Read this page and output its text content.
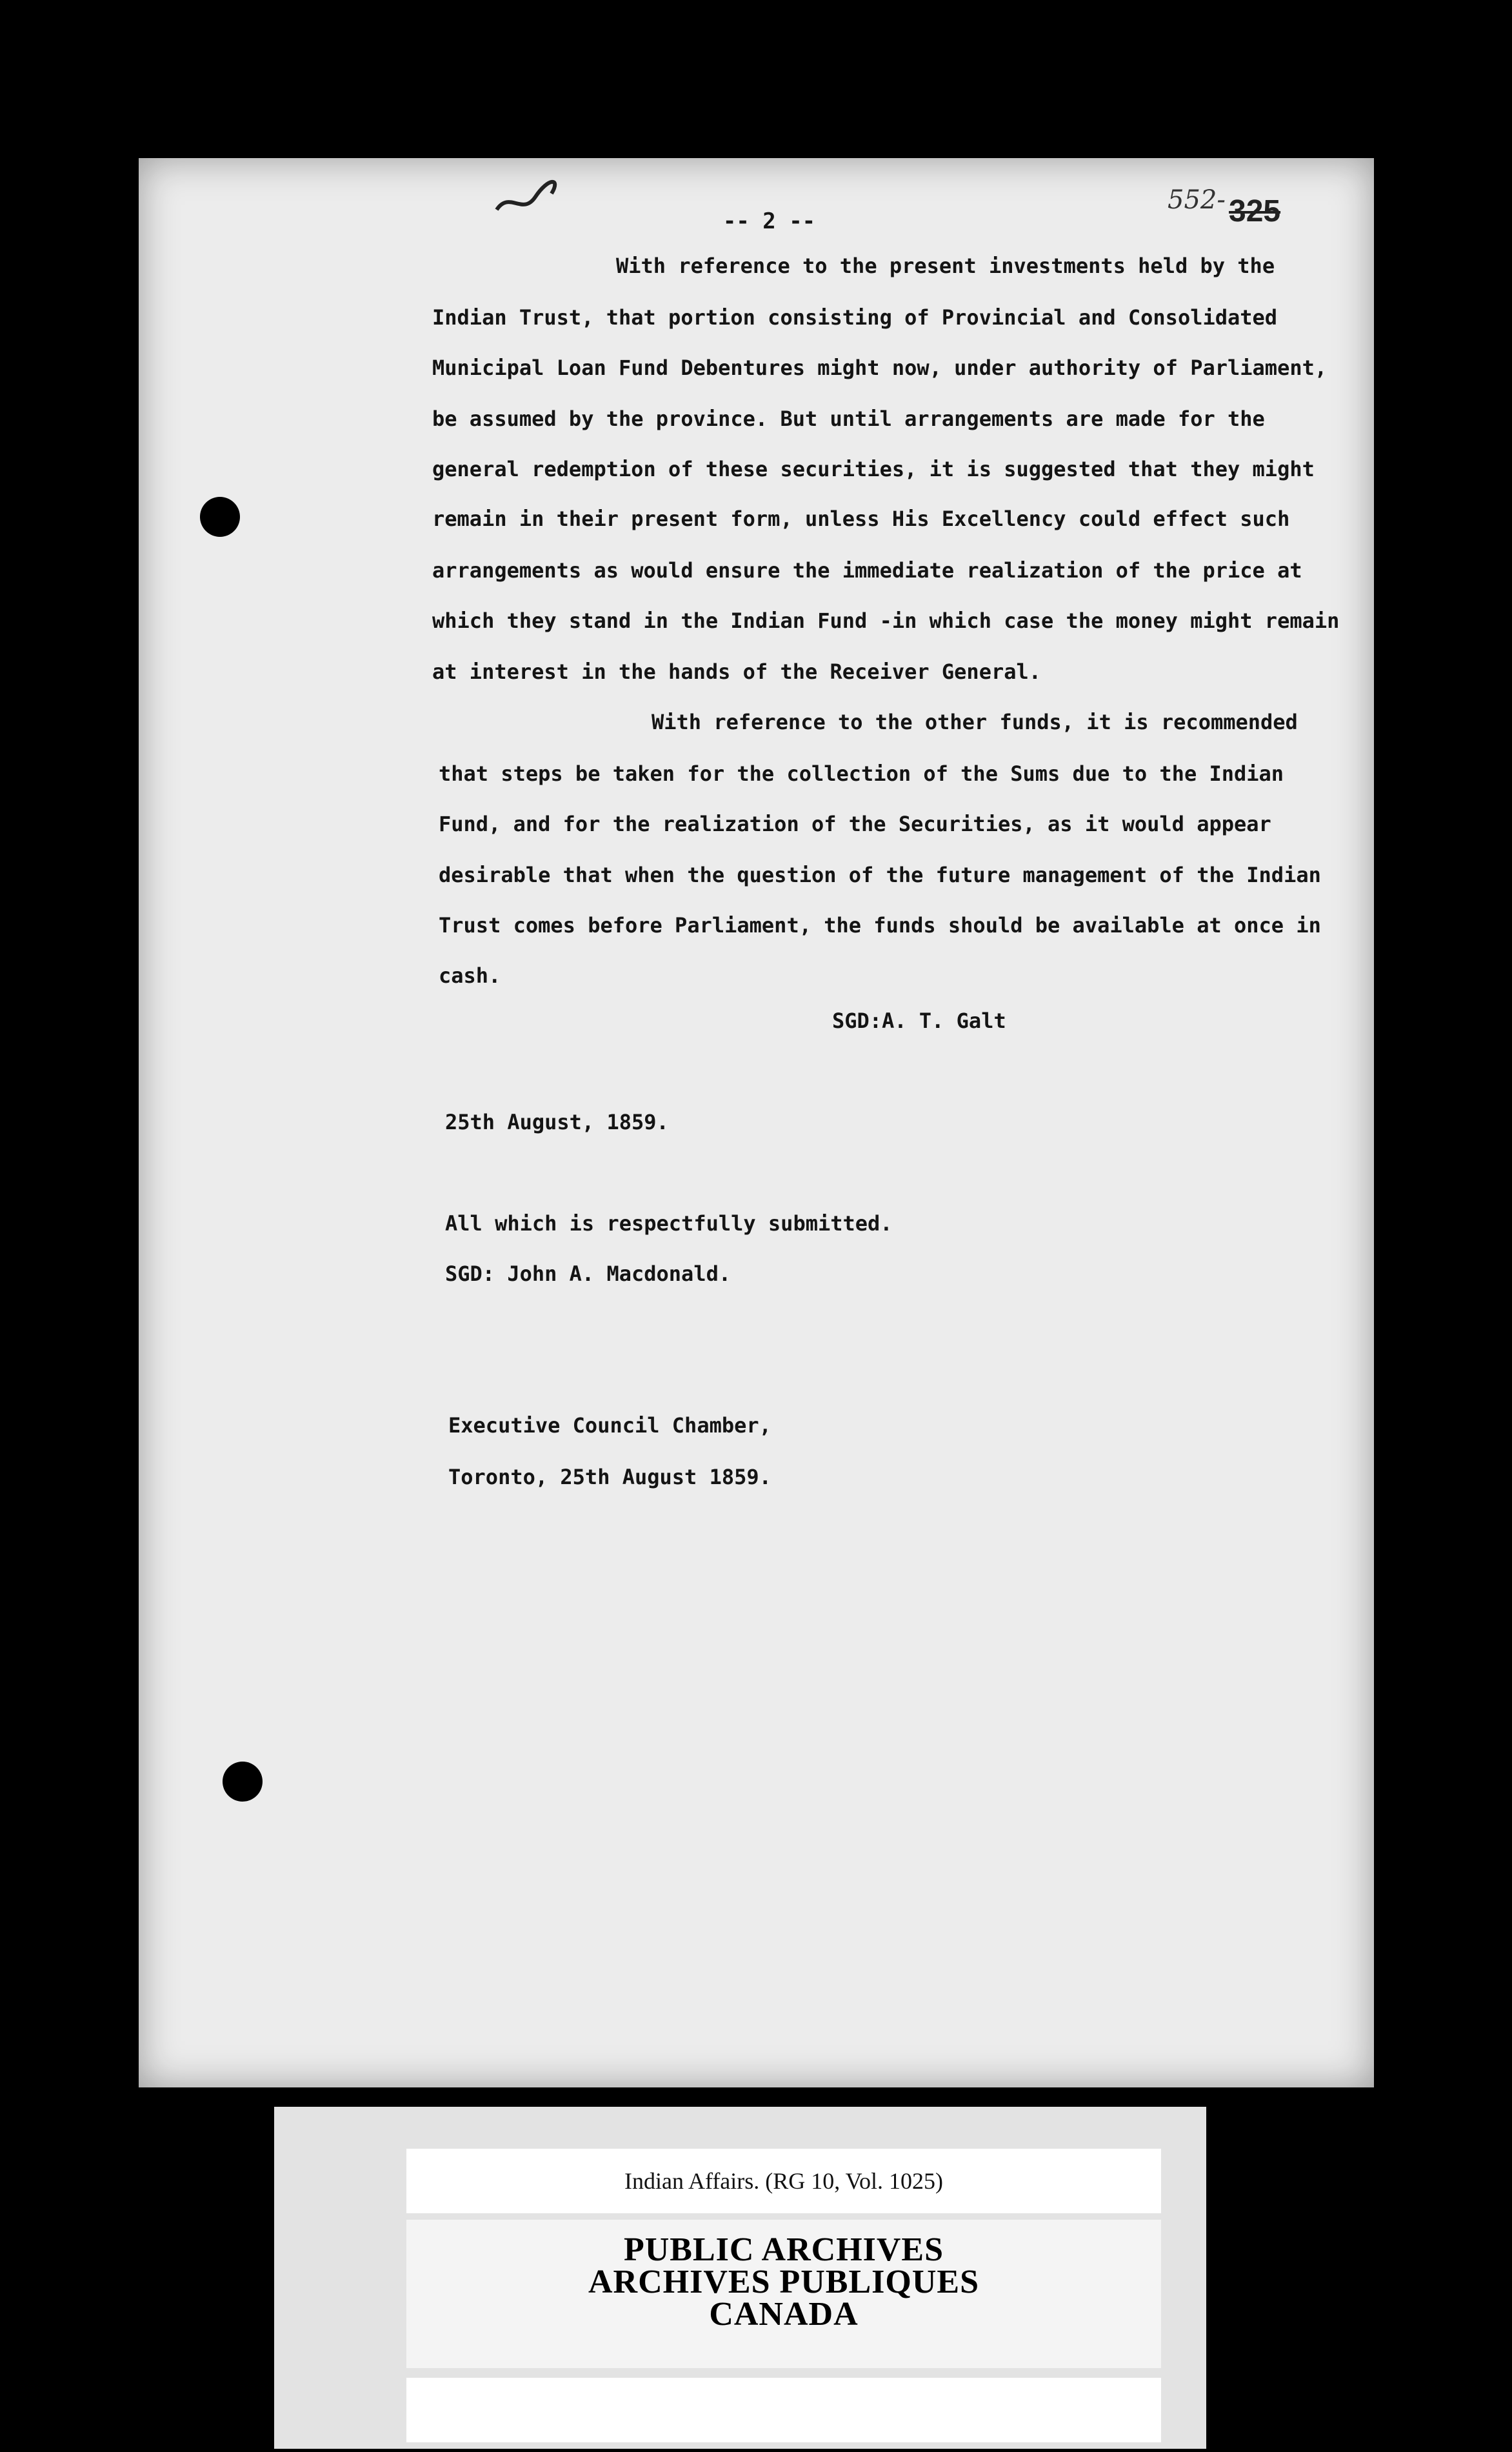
-- 2 --
552- 325
With reference to the present investments held by the
Indian Trust, that portion consisting of Provincial and Consolidated
Municipal Loan Fund Debentures might now, under authority of Parliament,
be assumed by the province. But until arrangements are made for the
general redemption of these securities, it is suggested that they might
remain in their present form, unless His Excellency could effect such
arrangements as would ensure the immediate realization of the price at
which they stand in the Indian Fund -in which case the money might remain
at interest in the hands of the Receiver General.
With reference to the other funds, it is recommended
that steps be taken for the collection of the Sums due to the Indian
Fund, and for the realization of the Securities, as it would appear
desirable that when the question of the future management of the Indian
Trust comes before Parliament, the funds should be available at once in
cash.
SGD:A. T. Galt
25th August, 1859.
All which is respectfully submitted.
SGD: John A. Macdonald.
Executive Council Chamber,
Toronto, 25th August 1859.
Indian Affairs. (RG 10, Vol. 1025)
PUBLIC ARCHIVES
ARCHIVES PUBLIQUES
CANADA
